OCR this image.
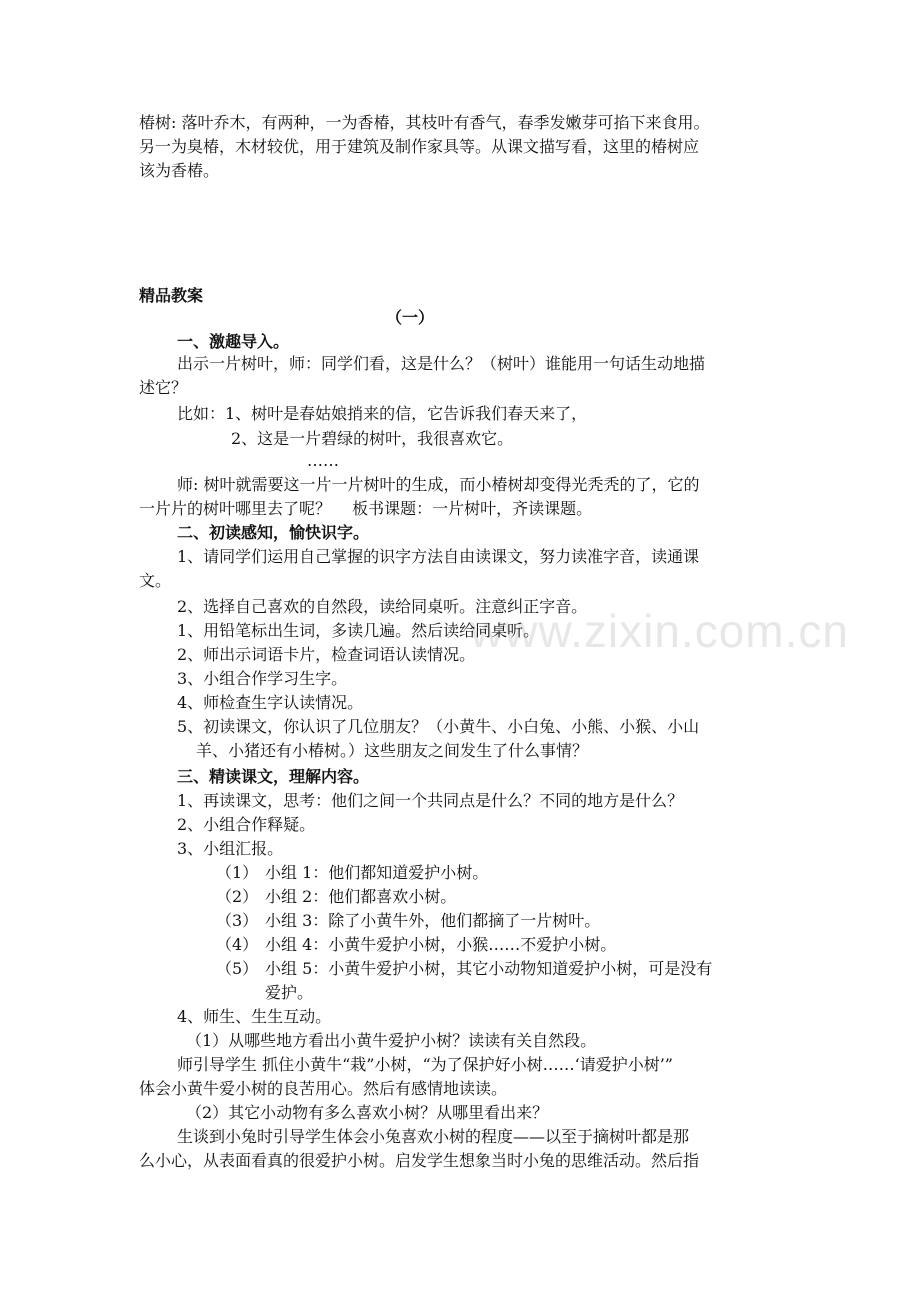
www.zixin.com.cn
椿树: 落叶乔木，有两种，一为香椿，其枝叶有香气，春季发嫩芽可掐下来食用。
另一为臭椿，木材较优，用于建筑及制作家具等。从课文描写看，这里的椿树应
该为香椿。
精品教案
（一）
一、激趣导入。
出示一片树叶，师：同学们看，这是什么？（树叶）谁能用一句话生动地描
述它？
比如：1、树叶是春姑娘捎来的信，它告诉我们春天来了，
2、这是一片碧绿的树叶，我很喜欢它。
……
师: 树叶就需要这一片一片树叶的生成，而小椿树却变得光秃秃的了，它的
一片片的树叶哪里去了呢？　 板书课题：一片树叶，齐读课题。
二、初读感知，愉快识字。
1、请同学们运用自己掌握的识字方法自由读课文，努力读准字音，读通课
文。
2、选择自己喜欢的自然段，读给同桌听。注意纠正字音。
1、用铅笔标出生词，多读几遍。然后读给同桌听。
2、师出示词语卡片，检查词语认读情况。
3、小组合作学习生字。
4、师检查生字认读情况。
5、初读课文，你认识了几位朋友？（小黄牛、小白兔、小熊、小猴、小山
羊、小猪还有小椿树。）这些朋友之间发生了什么事情？
三、精读课文，理解内容。
1、再读课文，思考：他们之间一个共同点是什么？不同的地方是什么？
2、小组合作释疑。
3、小组汇报。
（1） 小组 1：他们都知道爱护小树。
（2） 小组 2：他们都喜欢小树。
（3） 小组 3：除了小黄牛外，他们都摘了一片树叶。
（4） 小组 4：小黄牛爱护小树，小猴……不爱护小树。
（5） 小组 5：小黄牛爱护小树，其它小动物知道爱护小树，可是没有
爱护。
4、师生、生生互动。
（1）从哪些地方看出小黄牛爱护小树？读读有关自然段。
师引导学生 抓住小黄牛“栽”小树，“为了保护好小树……‘请爱护小树’”
体会小黄牛爱小树的良苦用心。然后有感情地读读。
（2）其它小动物有多么喜欢小树？从哪里看出来？
生谈到小兔时引导学生体会小兔喜欢小树的程度——以至于摘树叶都是那
么小心，从表面看真的很爱护小树。启发学生想象当时小兔的思维活动。然后指
